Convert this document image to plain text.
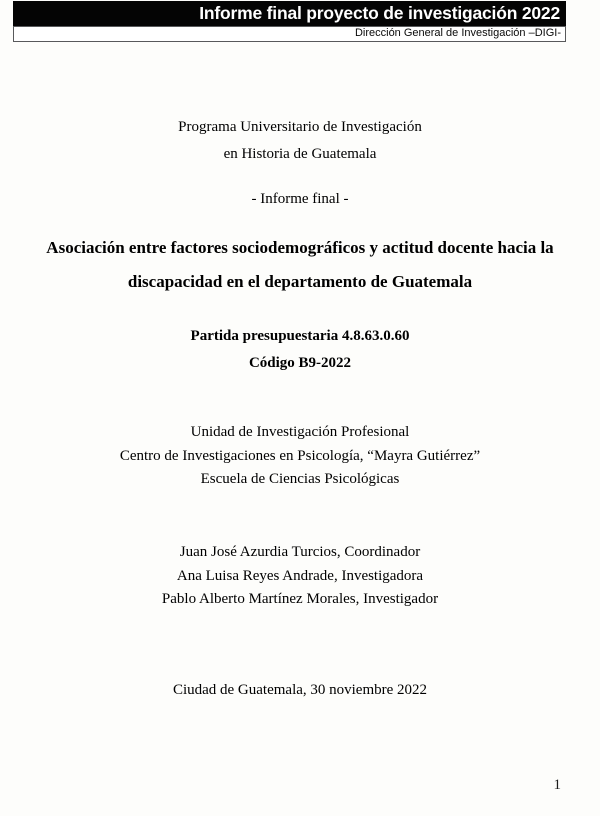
Informe final proyecto de investigación 2022
Dirección General de Investigación –DIGI-
Programa Universitario de Investigación
en Historia de Guatemala
- Informe final -
Asociación entre factores sociodemográficos y actitud docente hacia la
discapacidad en el departamento de Guatemala
Partida presupuestaria 4.8.63.0.60
Código B9-2022
Unidad de Investigación Profesional
Centro de Investigaciones en Psicología, “Mayra Gutiérrez”
Escuela de Ciencias Psicológicas
Juan José Azurdia Turcios, Coordinador
Ana Luisa Reyes Andrade, Investigadora
Pablo Alberto Martínez Morales, Investigador
Ciudad de Guatemala, 30 noviembre 2022
1
